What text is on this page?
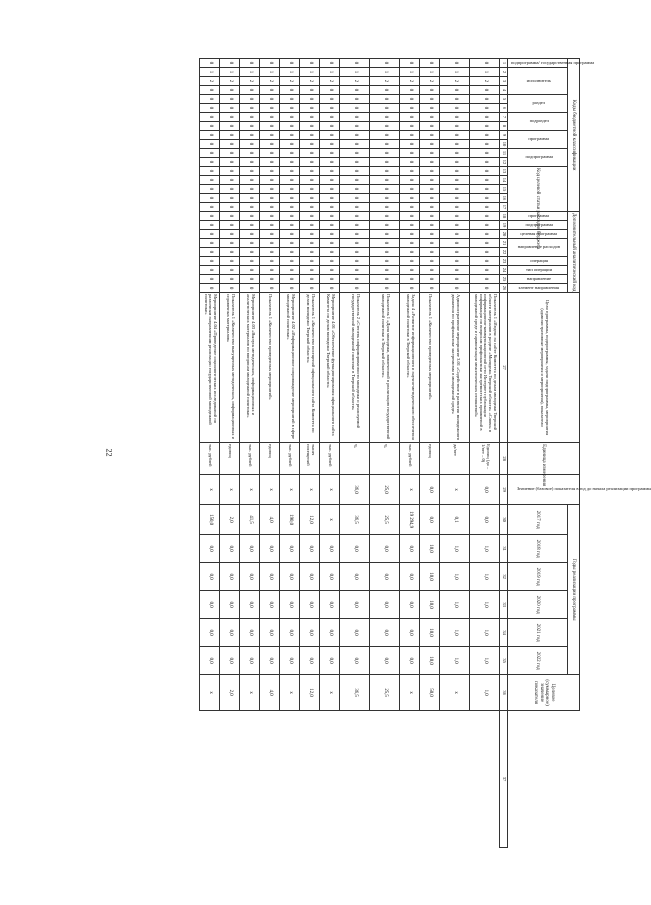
22
Коды бюджетной классификации																	Дополнительный аналитический код									Цели программы, подпрограммы, задачи подпрограммы, мероприятия (административные мероприятия и мероприятия), показатели	Единица измерения	Значение (базовое) показателя в год до начала реализации программы	Годы реализации программы						Целевое (суммарное) значение показателя	
подпрограмма/ государственная программа	исполнитель			раздел		подраздел		программа		подпрограмма		Код целевой статьи расходов бюджета					программа	подпрограмма	целевая программа	направление расходов		операция	тип операции	направление	элемент направления				2017 год	2018 год	2019 год	2020 год	2021 год	2022 год		
1	2	3	4	5	6	7	8	9	10	11	12	13	14	15	16	17	18	19	20	21	22	23	24	25	26	27	28	29	30	31	32	33	34	35	36	37
0	1	2	0	0	0	0	0	0	0	0	0	0	0	0	0	0	0	0	0	0	0	0	0	0	0	Показатель 1 «Индекс на сайте Комитета по делам молодежи Тверской области материалов в разделе «Молодежь Тверской области» «Слово» в информационно-коммуникационной сети Интернет публикации информации по вопросам профилактики экстремистских проявлений в молодежной среде и гармонизации межэтнических отношений»	Единиц (да – 1/нет – 0)	0,0	0,0	1,0	1,0	1,0	1,0	1,0	1,0	
0	1	2	0	0	0	0	0	0	0	0	0	0	0	0	0	0	0	0	0	0	0	0	0	0	0	Административное мероприятие 3.01 «Содействие в развитии молодежного движения по профилактике экстремизма в молодежной среде»	да/нет	х	0,1	1,0	1,0	1,0	1,0	1,0	х	
0	1	2	0	0	0	0	0	0	0	0	0	0	0	0	0	0	0	0	0	0	0	0	0	0	0	Показатель 1 «Количество проведенных мероприятий»	единиц	0,0	0,0	10,0	10,0	10,0	10,0	10,0	50,0	
0	1	2	0	0	0	0	0	0	0	0	0	0	0	0	0	0	0	0	0	0	0	0	0	0	0	Задача 4 «Развитие информационного и научно-методического обеспечения молодежной политики в Тверской области»	тыс. рублей	х	19 294,9	0,0	0,0	0,0	0,0	0,0	х	
0	1	2	0	0	0	0	0	0	0	0	0	0	0	0	0	0	0	0	0	0	0	0	0	0	0	Показатель 1 «Доля молодежи, вовлеченной в реализацию государственной молодежной политики в Тверской области»	%	25,0	25,5	0,0	0,0	0,0	0,0	0,0	25,5	
0	1	2	0	0	0	0	0	0	0	0	0	0	0	0	0	0	0	0	0	0	0	0	0	0	0	Показатель 2 «Степень информированности молодежи о реализуемой государственной молодежной политике в Тверской области»	%	36,0	36,5	0,0	0,0	0,0	0,0	0,0	36,5	
0	1	2	0	0	0	0	0	0	0	0	0	0	0	0	0	0	0	0	0	0	0	0	0	0	0	Мероприятие 4.01 «Обеспечение функционирования официального сайта Комитета по делам молодежи Тверской области»	тыс. рублей	х	х	0,0	0,0	0,0	0,0	0,0	х	
0	1	2	0	0	0	0	0	0	0	0	0	0	0	0	0	0	0	0	0	0	0	0	0	0	0	Показатель 1 «Количество посещений официального сайта Комитета по делам молодежи Тверской области»	тысяч посещений	х	12,0	0,0	0,0	0,0	0,0	0,0	12,0	
0	1	2	0	0	0	0	0	0	0	0	0	0	0	0	0	0	0	0	0	0	0	0	0	0	0	Мероприятие 4.02 «Информационное сопровождение мероприятий в сфере молодежной политики»	тыс. рублей	х	190,0	0,0	0,0	0,0	0,0	0,0	х	
0	1	2	0	0	0	0	0	0	0	0	0	0	0	0	0	0	0	0	0	0	0	0	0	0	0	Показатель 1 «Количество проведенных мероприятий»	единиц	х	4,0	0,0	0,0	0,0	0,0	0,0	4,0	
0	1	2	0	0	0	0	0	0	0	0	0	0	0	0	0	0	0	0	0	0	0	0	0	0	0	Мероприятие 4.03 «Выпуск методических, информационных и аналитических материалов по вопросам молодежной политики»	тыс. рублей	х	41,5	0,0	0,0	0,0	0,0	0,0	х	
0	1	2	0	0	0	0	0	0	0	0	0	0	0	0	0	0	0	0	0	0	0	0	0	0	0	Показатель 1 «Количество выпущенных методических, информационных и справочных материалов»	единиц	х	2,0	0,0	0,0	0,0	0,0	0,0	2,0	
0	1	2	0	0	0	0	0	0	0	0	0	0	0	0	0	0	0	0	0	0	0	0	0	0	0	Мероприятие 4.04 «Проведение социологических исследований по различным направлениям реализации государственной молодежной политики»	тыс. рублей	х	150,0	0,0	0,0	0,0	0,0	0,0	х	
